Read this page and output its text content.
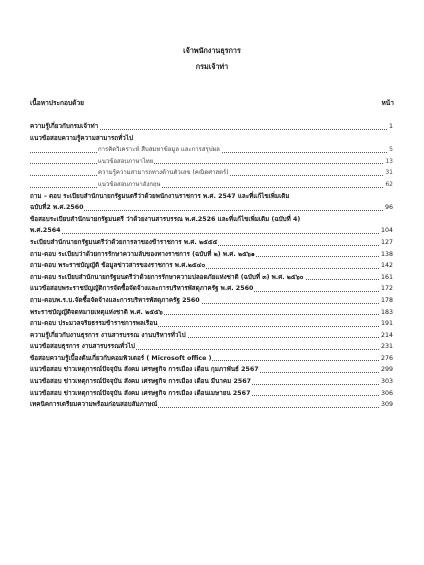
เจ้าพนักงานธุรการ
กรมเจ้าท่า
เนื้อหาประกอบด้วย	หน้า
ความรู้เกี่ยวกับกรมเจ้าท่า	1
แนวข้อสอบความรู้ความสามารถทั่วไป
การคิดวิเคราะห์ สืบสมหาข้อมูล และการสรุปผล	5
แนวข้อสอบภาษาไทย	13
ความรู้ความสามารถทางด้านตัวเลข (คณิตศาสตร์)	31
แนวข้อสอบภาษาอังกฤษ	62
ถาม – ตอบ ระเบียบสำนักนายกรัฐมนตรีว่าด้วยพนักงานราชการ พ.ศ. 2547 และที่แก้ไขเพิ่มเติม
ฉบับที่2 พ.ศ.2560	96
ข้อสอบระเบียบสำนักนายกรัฐมนตรี ว่าด้วยงานสารบรรณ พ.ศ.2526 และที่แก้ไขเพิ่มเติม (ฉบับที่ 4)
พ.ศ.2564	104
ระเบียบสำนักนายกรัฐมนตรีว่าด้วยการลาของข้าราชการ พ.ศ. ๒๕๕๕	127
ถาม-ตอบ ระเบียบว่าด้วยการรักษาความลับของทางราชการ (ฉบับที่ ๒) พ.ศ. ๒๕๖๑	138
ถาม-ตอบ พระราชบัญญัติ ข้อมูลข่าวสารของราชการ พ.ศ.๒๕๔๐	142
ถาม-ตอบ ระเบียบสำนักนายกรัฐมนตรีว่าด้วยการรักษาความปลอดภัยแห่งชาติ (ฉบับที่ ๓) พ.ศ. ๒๕๖๐	161
แนวข้อสอบพระราชบัญญัติการจัดซื้อจัดจ้างและการบริหารพัสดุภาครัฐ พ.ศ. 2560	172
ถาม-ตอบพ.ร.บ.จัดซื้อจัดจ้างและการบริหารพัสดุภาครัฐ 2560	178
พระราชบัญญัติจดหมายเหตุแห่งชาติ พ.ศ. ๒๕๕๖	183
ถาม-ตอบ ประมวลจริยธรรมข้าราชการพลเรือน	191
ความรู้เกี่ยวกับงานธุรการ งานสารบรรณ งานบริหารทั่วไป	214
แนวข้อสอบธุรการ งานสารบรรณทั่วไป	231
ข้อสอบความรู้เบื้องต้นเกี่ยวกับคอมพิวเตอร์ ( Microsoft office )	276
แนวข้อสอบ ข่าวเหตุการณ์ปัจจุบัน สังคม เศรษฐกิจ การเมือง เดือน กุมภาพันธ์ 2567	299
แนวข้อสอบ ข่าวเหตุการณ์ปัจจุบัน สังคม เศรษฐกิจ การเมือง เดือน มีนาคม 2567	303
แนวข้อสอบ ข่าวเหตุการณ์ปัจจุบัน สังคม เศรษฐกิจ การเมือง เดือนเมษายน 2567	306
เทคนิคการเตรียมความพร้อมก่อนสอบสัมภาษณ์	309
